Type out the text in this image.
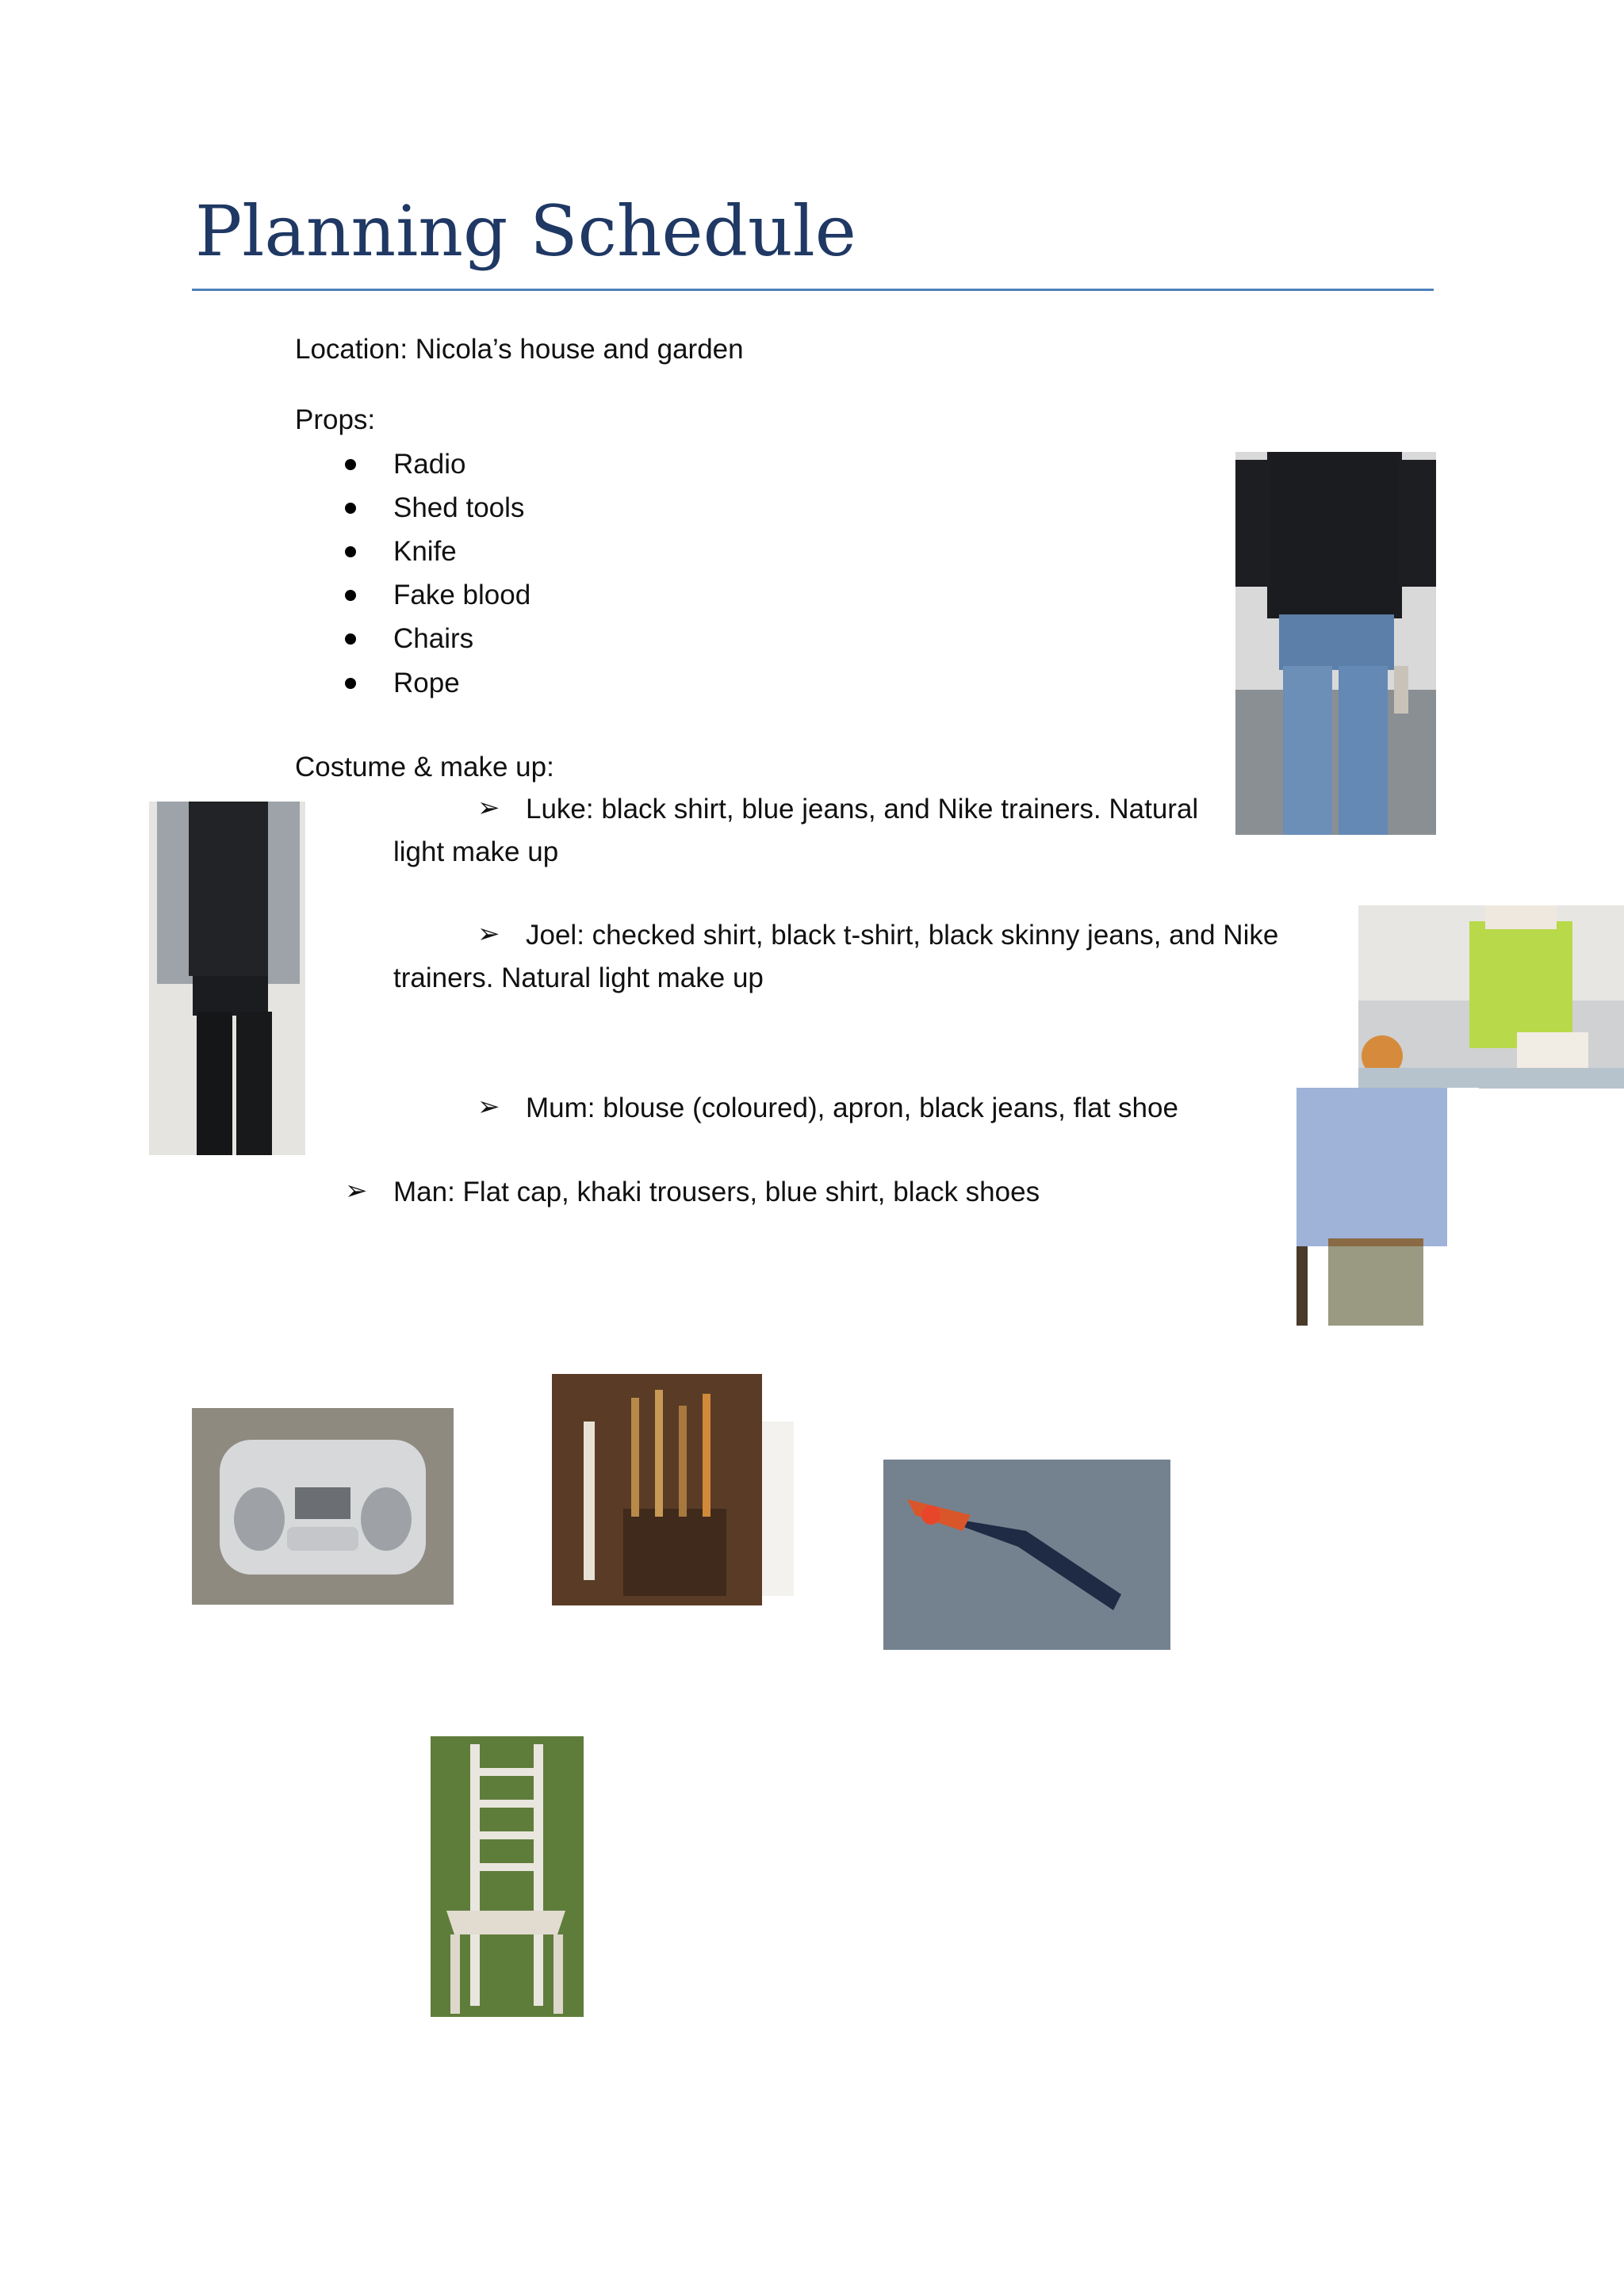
Planning Schedule
Location: Nicola’s house and garden
Props:
Radio
Shed tools
Knife
Fake blood
Chairs
Rope
Costume & make up:
➢ Luke: black shirt, blue jeans, and Nike trainers. Natural
light make up
➢ Joel: checked shirt, black t-shirt, black skinny jeans, and Nike
trainers. Natural light make up
➢ Mum: blouse (coloured), apron, black jeans, flat shoe
➢ Man: Flat cap, khaki trousers, blue shirt, black shoes
